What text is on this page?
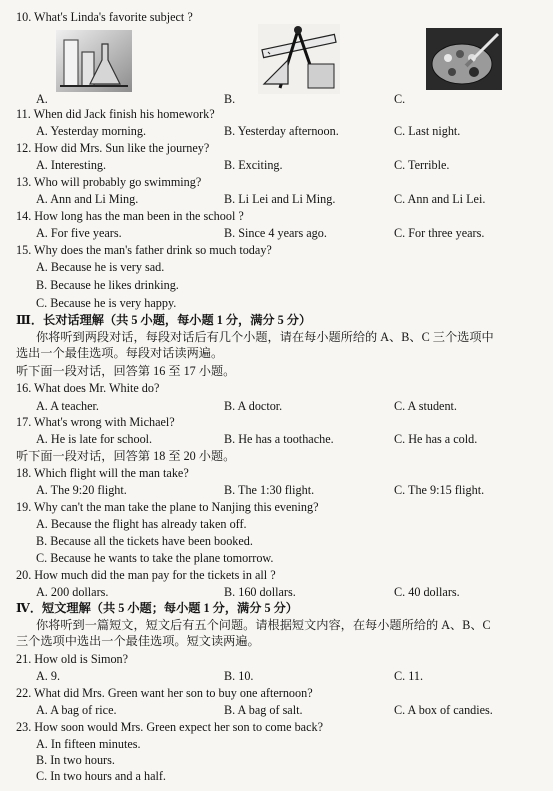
10. What's Linda's favorite subject ?
A.	B.	C.
11. When did Jack finish his homework?
A. Yesterday morning.	B. Yesterday afternoon.	C. Last night.
12. How did Mrs. Sun like the journey?
A. Interesting.	B. Exciting.	C. Terrible.
13. Who will probably go swimming?
A. Ann and Li Ming.	B. Li Lei and Li Ming.	C. Ann and Li Lei.
14. How long has the man been in the school ?
A. For five years.	B. Since 4 years ago.	C. For three years.
15. Why does the man's father drink so much today?
A. Because he is very sad.
B. Because he likes drinking.
C. Because he is very happy.
Ⅲ．长对话理解（共 5 小题，每小题 1 分，满分 5 分）
你将听到两段对话，每段对话后有几个小题，请在每小题所给的 A、B、C 三个选项中
选出一个最佳选项。每段对话读两遍。
听下面一段对话，回答第 16 至 17 小题。
16. What does Mr. White do?
A. A teacher.	B. A doctor.	C. A student.
17. What's wrong with Michael?
A. He is late for school.	B. He has a toothache.	C. He has a cold.
听下面一段对话，回答第 18 至 20 小题。
18. Which flight will the man take?
A. The 9:20 flight.	B. The 1:30 flight.	C. The 9:15 flight.
19. Why can't the man take the plane to Nanjing this evening?
A. Because the flight has already taken off.
B. Because all the tickets have been booked.
C. Because he wants to take the plane tomorrow.
20. How much did the man pay for the tickets in all ?
A. 200 dollars.	B. 160 dollars.	C. 40 dollars.
Ⅳ．短文理解（共 5 小题；每小题 1 分，满分 5 分）
你将听到一篇短文，短文后有五个问题。请根据短文内容，在每小题所给的 A、B、C
三个选项中选出一个最佳选项。短文读两遍。
21. How old is Simon?
A. 9.	B. 10.	C. 11.
22. What did Mrs. Green want her son to buy one afternoon?
A. A bag of rice.	B. A bag of salt.	C. A box of candies.
23. How soon would Mrs. Green expect her son to come back?
A. In fifteen minutes.
B. In two hours.
C. In two hours and a half.
